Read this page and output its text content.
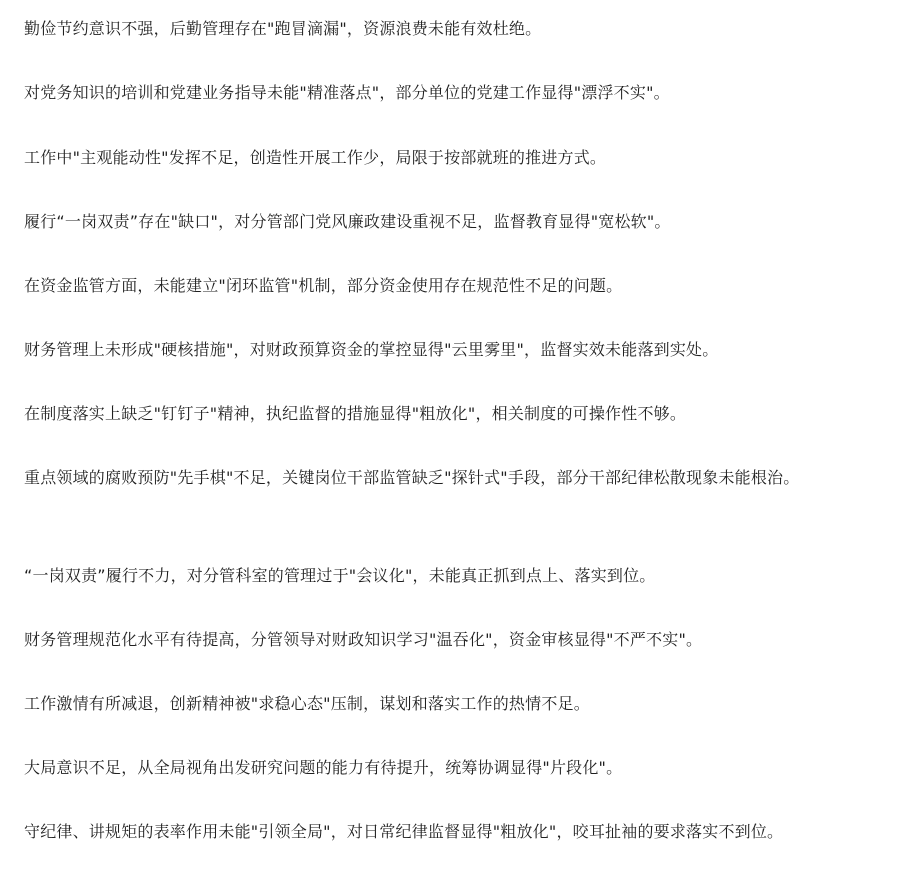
勤俭节约意识不强，后勤管理存在"跑冒滴漏"，资源浪费未能有效杜绝。

对党务知识的培训和党建业务指导未能"精准落点"，部分单位的党建工作显得"漂浮不实"。

工作中"主观能动性"发挥不足，创造性开展工作少，局限于按部就班的推进方式。

履行“一岗双责”存在"缺口"，对分管部门党风廉政建设重视不足，监督教育显得"宽松软"。

在资金监管方面，未能建立"闭环监管"机制，部分资金使用存在规范性不足的问题。

财务管理上未形成"硬核措施"，对财政预算资金的掌控显得"云里雾里"，监督实效未能落到实处。

在制度落实上缺乏"钉钉子"精神，执纪监督的措施显得"粗放化"，相关制度的可操作性不够。

重点领域的腐败预防"先手棋"不足，关键岗位干部监管缺乏"探针式"手段，部分干部纪律松散现象未能根治。

“一岗双责”履行不力，对分管科室的管理过于"会议化"，未能真正抓到点上、落实到位。

财务管理规范化水平有待提高，分管领导对财政知识学习"温吞化"，资金审核显得"不严不实"。

工作激情有所减退，创新精神被"求稳心态"压制，谋划和落实工作的热情不足。

大局意识不足，从全局视角出发研究问题的能力有待提升，统筹协调显得"片段化"。

守纪律、讲规矩的表率作用未能"引领全局"，对日常纪律监督显得"粗放化"，咬耳扯袖的要求落实不到位。
